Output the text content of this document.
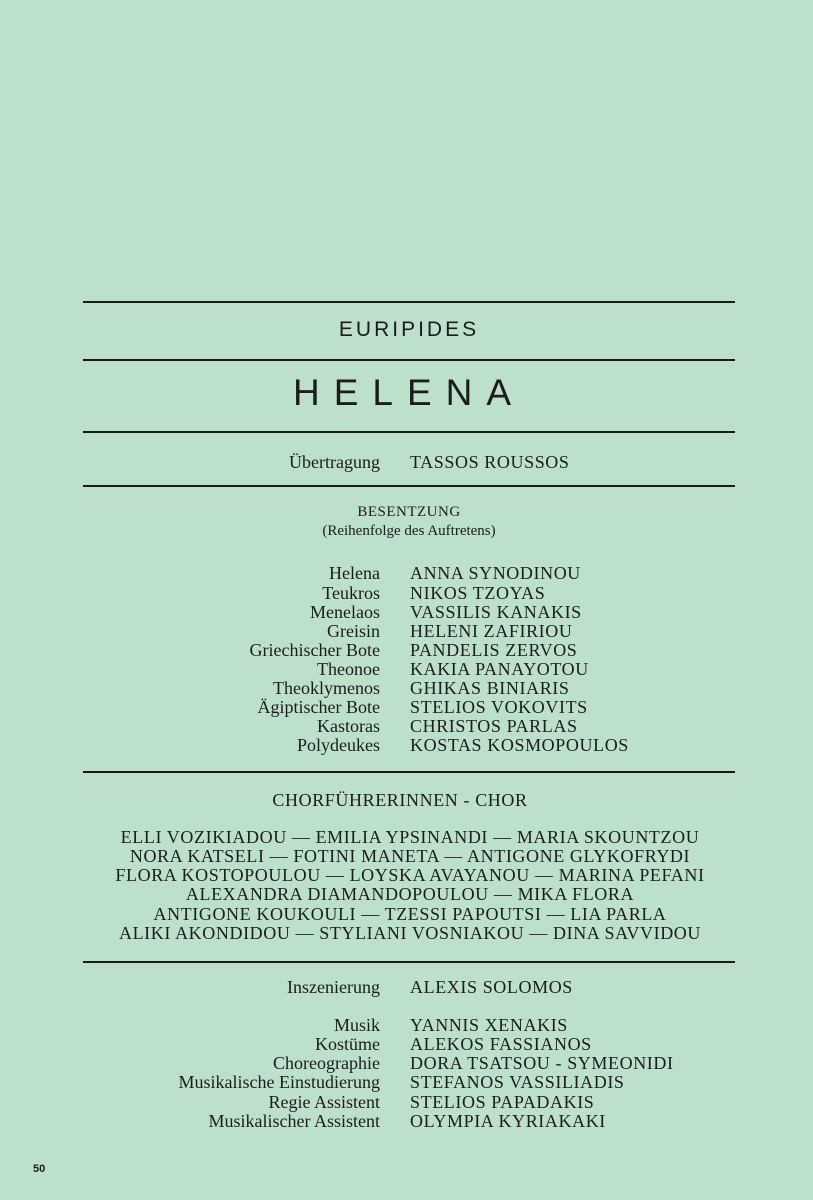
EURIPIDES
HELENA
Übertragung TASSOS ROUSSOS
BESENTZUNG
(Reihenfolge des Auftretens)
Helena ANNA SYNODINOU
Teukros NIKOS TZOYAS
Menelaos VASSILIS KANAKIS
Greisin HELENI ZAFIRIOU
Griechischer Bote PANDELIS ZERVOS
Theonoe KAKIA PANAYOTOU
Theoklymenos GHIKAS BINIARIS
Ägiptischer Bote STELIOS VOKOVITS
Kastoras CHRISTOS PARLAS
Polydeukes KOSTAS KOSMOPOULOS
CHORFÜHRERINNEN - CHOR
ELLI VOZIKIADOU — EMILIA YPSINANDI — MARIA SKOUNTZOU
NORA KATSELI — FOTINI MANETA — ANTIGONE GLYKOFRYDI
FLORA KOSTOPOULOU — LOYSKA AVAYANOU — MARINA PEFANI
ALEXANDRA DIAMANDOPOULOU — MIKA FLORA
ANTIGONE KOUKOULI — TZESSI PAPOUTSI — LIA PARLA
ALIKI AKONDIDOU — STYLIANI VOSNIAKOU — DINA SAVVIDOU
Inszenierung ALEXIS SOLOMOS
Musik YANNIS XENAKIS
Kostüme ALEKOS FASSIANOS
Choreographie DORA TSATSOU - SYMEONIDI
Musikalische Einstudierung STEFANOS VASSILIADIS
Regie Assistent STELIOS PAPADAKIS
Musikalischer Assistent OLYMPIA KYRIAKAKI
50
